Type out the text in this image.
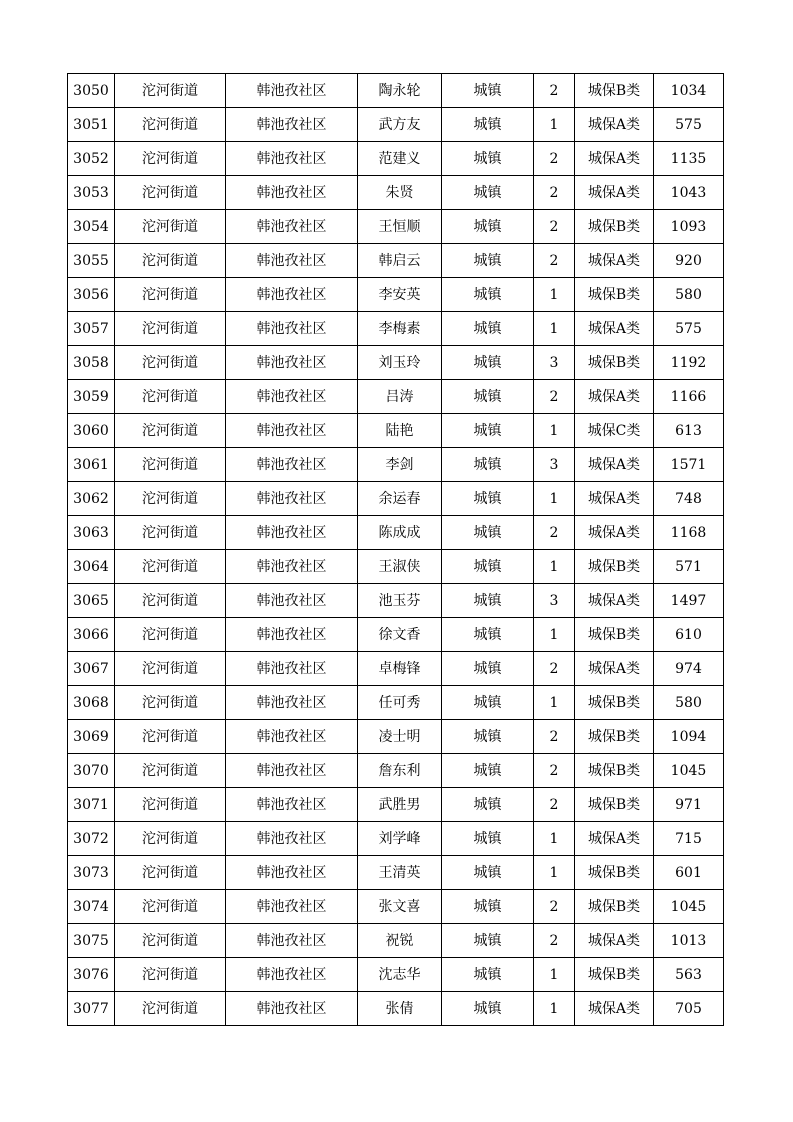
3050	沱河街道	韩池孜社区	陶永轮	城镇	2	城保B类	1034
3051	沱河街道	韩池孜社区	武方友	城镇	1	城保A类	575
3052	沱河街道	韩池孜社区	范建义	城镇	2	城保A类	1135
3053	沱河街道	韩池孜社区	朱贤	城镇	2	城保A类	1043
3054	沱河街道	韩池孜社区	王恒顺	城镇	2	城保B类	1093
3055	沱河街道	韩池孜社区	韩启云	城镇	2	城保A类	920
3056	沱河街道	韩池孜社区	李安英	城镇	1	城保B类	580
3057	沱河街道	韩池孜社区	李梅素	城镇	1	城保A类	575
3058	沱河街道	韩池孜社区	刘玉玲	城镇	3	城保B类	1192
3059	沱河街道	韩池孜社区	吕涛	城镇	2	城保A类	1166
3060	沱河街道	韩池孜社区	陆艳	城镇	1	城保C类	613
3061	沱河街道	韩池孜社区	李剑	城镇	3	城保A类	1571
3062	沱河街道	韩池孜社区	余运春	城镇	1	城保A类	748
3063	沱河街道	韩池孜社区	陈成成	城镇	2	城保A类	1168
3064	沱河街道	韩池孜社区	王淑侠	城镇	1	城保B类	571
3065	沱河街道	韩池孜社区	池玉芬	城镇	3	城保A类	1497
3066	沱河街道	韩池孜社区	徐文香	城镇	1	城保B类	610
3067	沱河街道	韩池孜社区	卓梅锋	城镇	2	城保A类	974
3068	沱河街道	韩池孜社区	任可秀	城镇	1	城保B类	580
3069	沱河街道	韩池孜社区	凌士明	城镇	2	城保B类	1094
3070	沱河街道	韩池孜社区	詹东利	城镇	2	城保B类	1045
3071	沱河街道	韩池孜社区	武胜男	城镇	2	城保B类	971
3072	沱河街道	韩池孜社区	刘学峰	城镇	1	城保A类	715
3073	沱河街道	韩池孜社区	王清英	城镇	1	城保B类	601
3074	沱河街道	韩池孜社区	张文喜	城镇	2	城保B类	1045
3075	沱河街道	韩池孜社区	祝锐	城镇	2	城保A类	1013
3076	沱河街道	韩池孜社区	沈志华	城镇	1	城保B类	563
3077	沱河街道	韩池孜社区	张倩	城镇	1	城保A类	705
